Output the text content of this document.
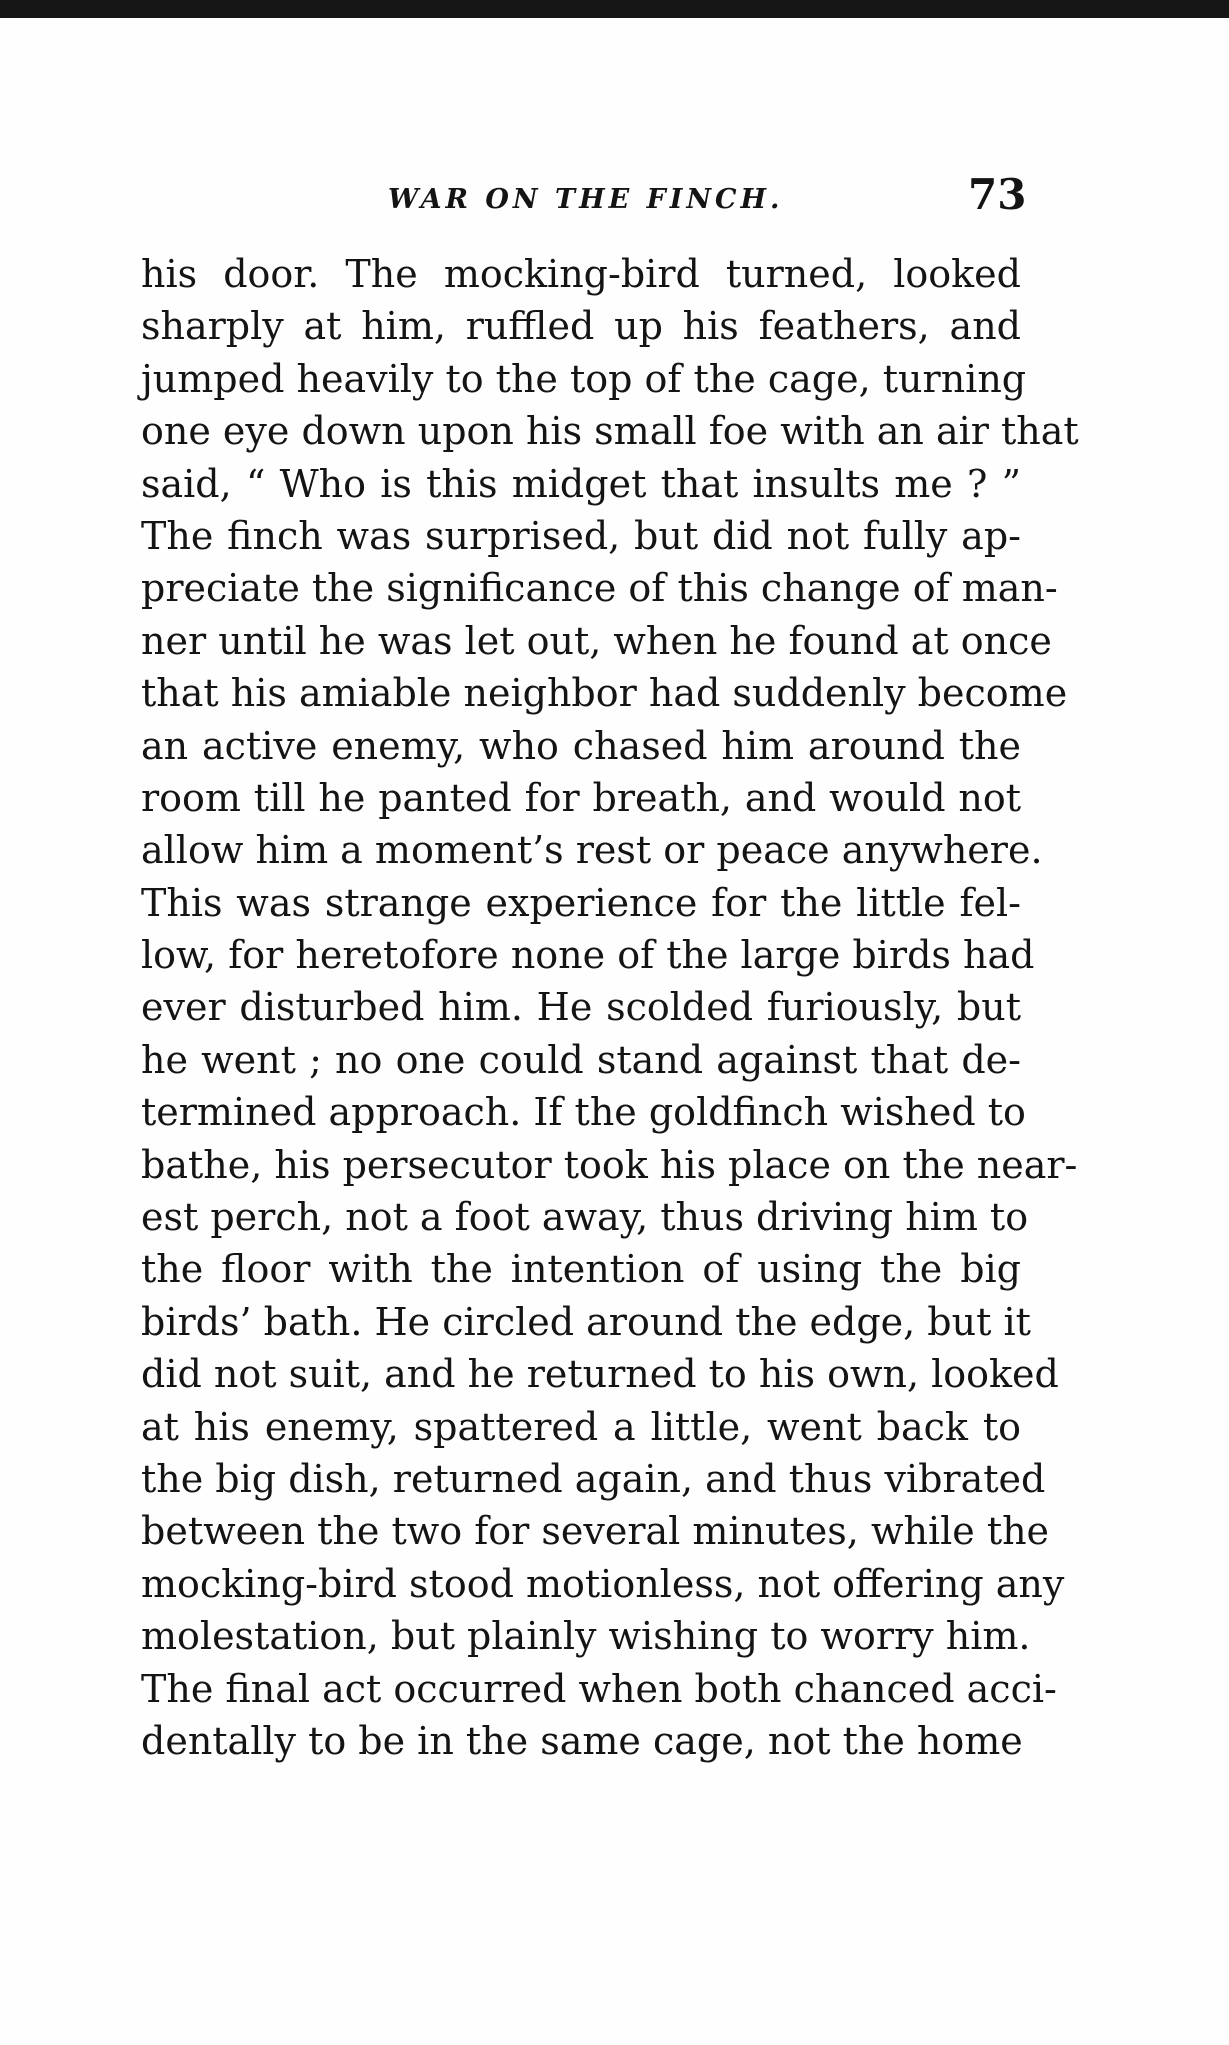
WAR ON THE FINCH.	73
his door. The mocking-bird turned, looked
sharply at him, ruffled up his feathers, and
jumped heavily to the top of the cage, turning
one eye down upon his small foe with an air that
said, “ Who is this midget that insults me ? ”
The finch was surprised, but did not fully ap-
preciate the significance of this change of man-
ner until he was let out, when he found at once
that his amiable neighbor had suddenly become
an active enemy, who chased him around the
room till he panted for breath, and would not
allow him a moment’s rest or peace anywhere.
This was strange experience for the little fel-
low, for heretofore none of the large birds had
ever disturbed him. He scolded furiously, but
he went ; no one could stand against that de-
termined approach. If the goldfinch wished to
bathe, his persecutor took his place on the near-
est perch, not a foot away, thus driving him to
the floor with the intention of using the big
birds’ bath. He circled around the edge, but it
did not suit, and he returned to his own, looked
at his enemy, spattered a little, went back to
the big dish, returned again, and thus vibrated
between the two for several minutes, while the
mocking-bird stood motionless, not offering any
molestation, but plainly wishing to worry him.
The final act occurred when both chanced acci-
dentally to be in the same cage, not the home
